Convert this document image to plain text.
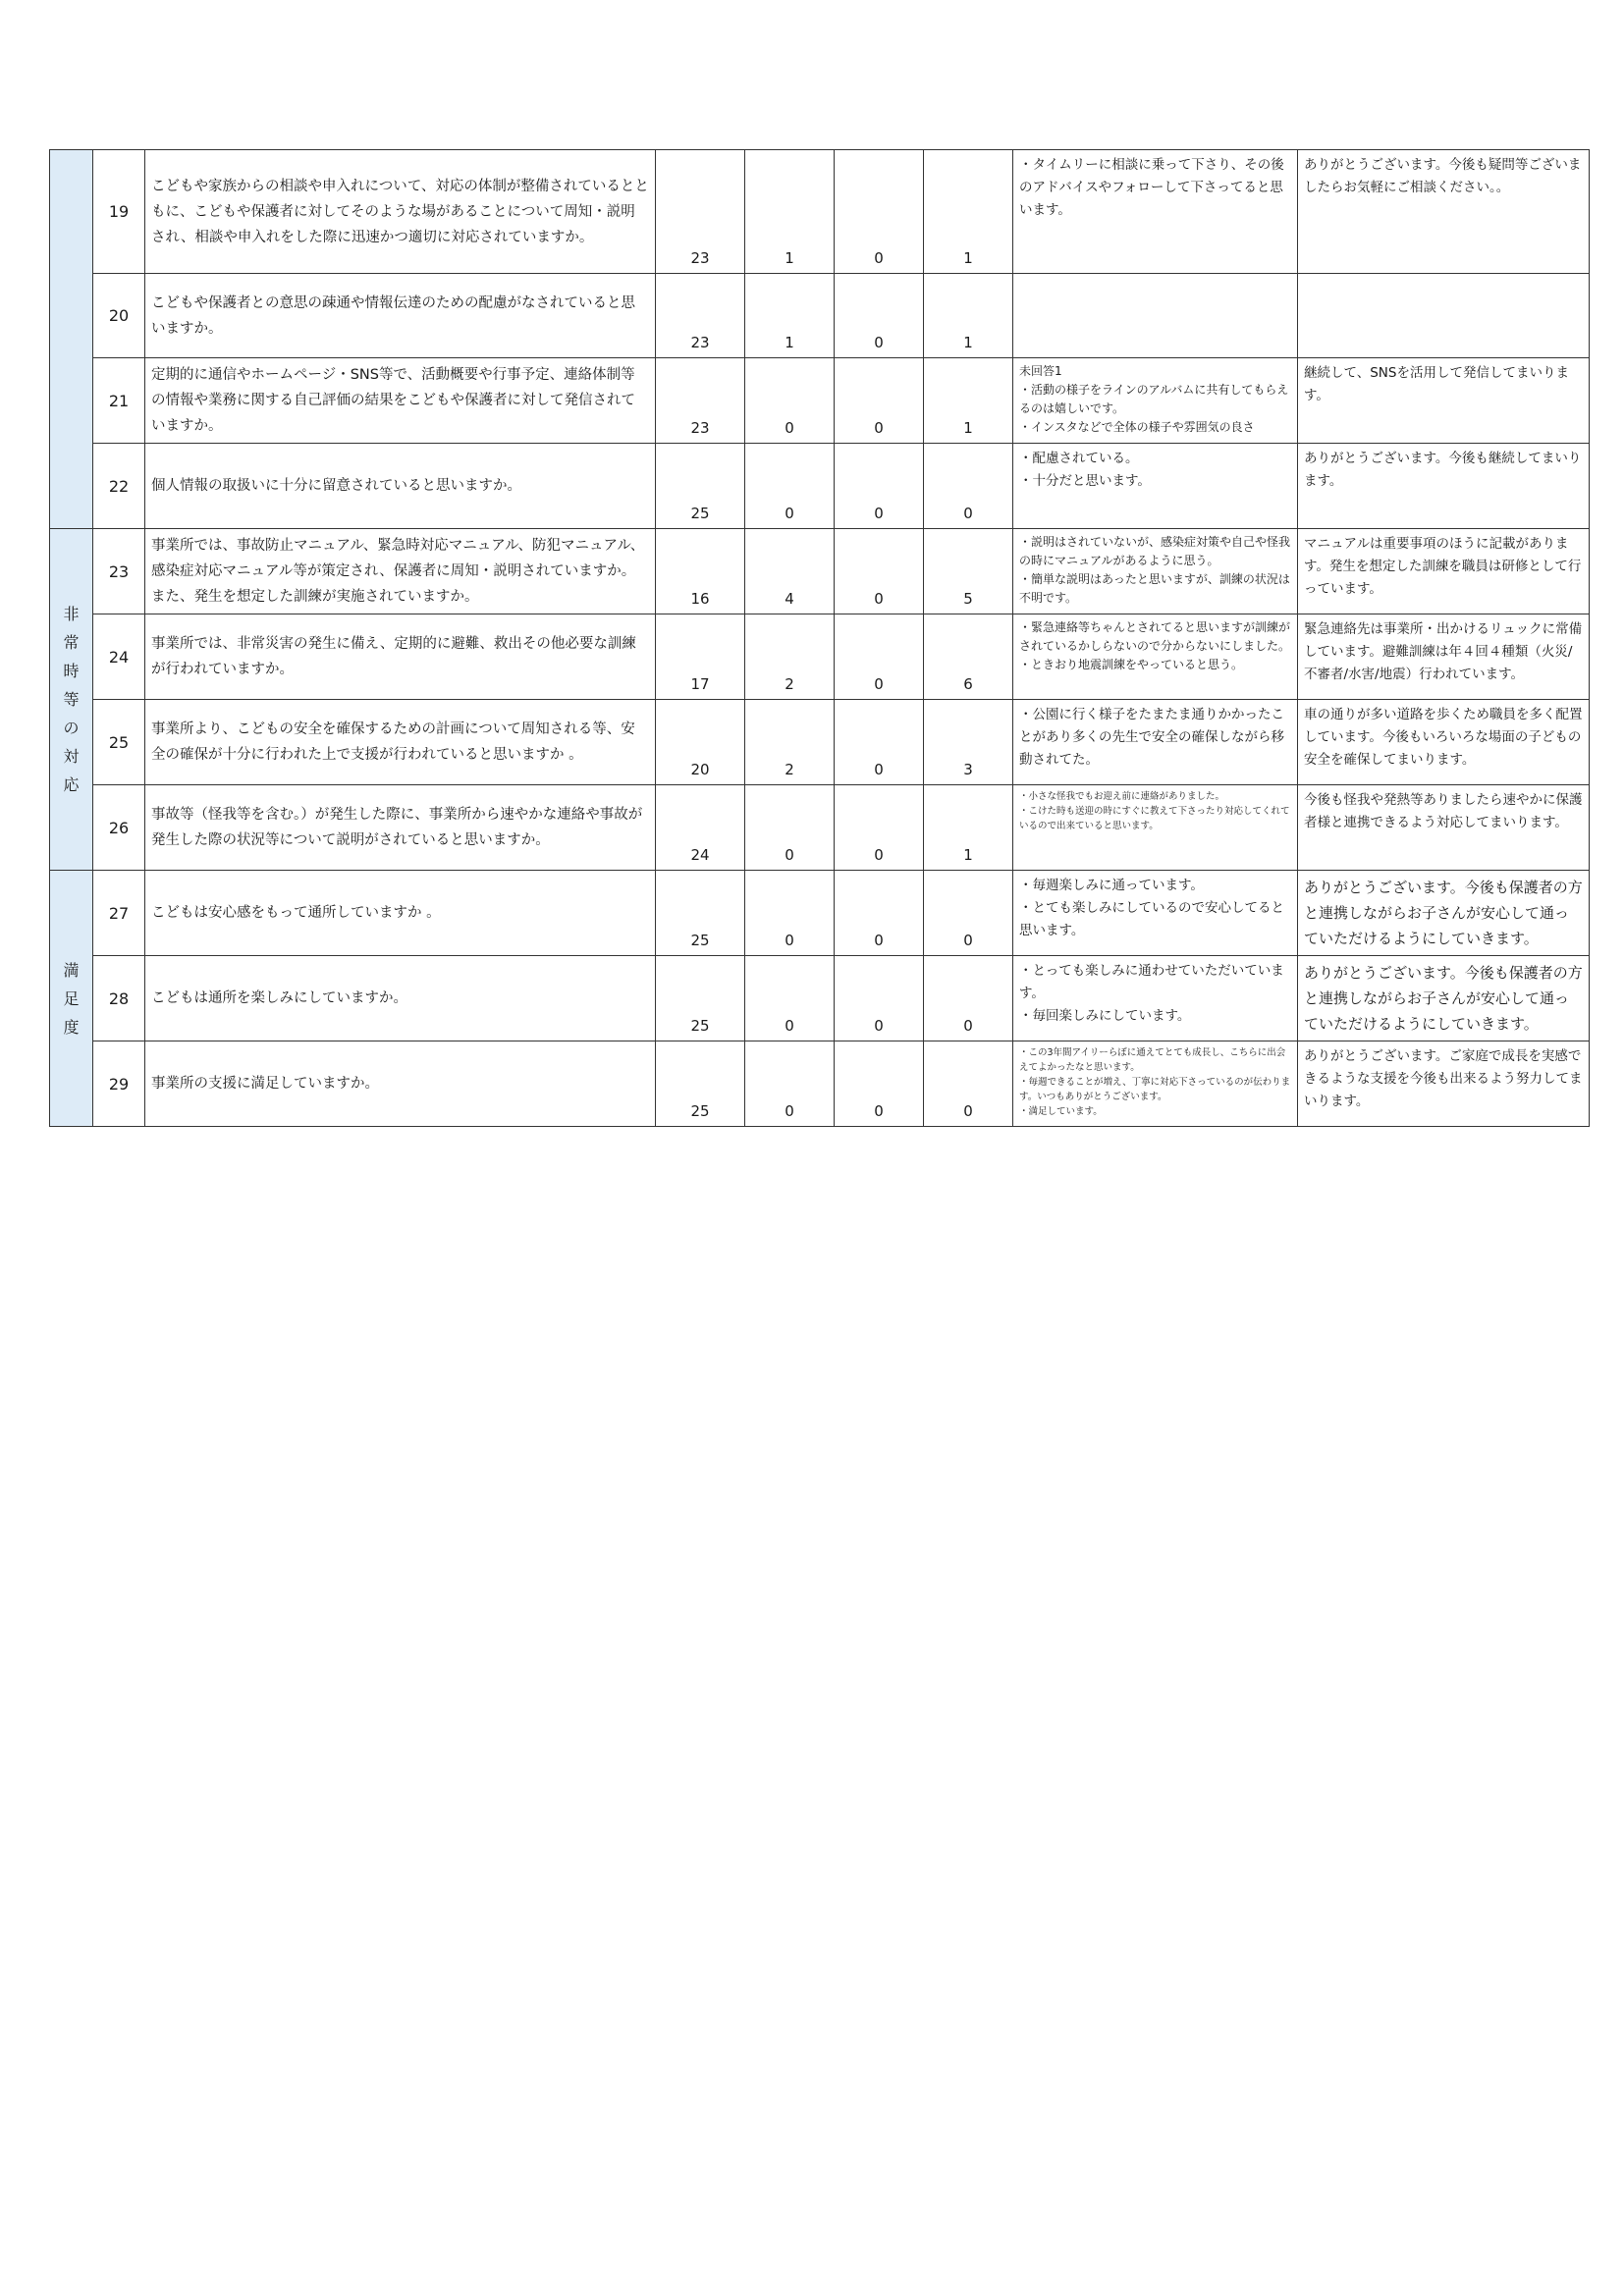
	19	こどもや家族からの相談や申入れについて、対応の体制が整備されているとともに、こどもや保護者に対してそのような場があることについて周知・説明され、相談や申入れをした際に迅速かつ適切に対応されていますか。	23	1	0	1	・タイムリーに相談に乗って下さり、その後のアドバイスやフォローして下さってると思います。	ありがとうございます。今後も疑問等ございましたらお気軽にご相談ください。。

	20	こどもや保護者との意思の疎通や情報伝達のための配慮がなされていると思いますか。	23	1	0	1		

	21	定期的に通信やホームページ・SNS等で、活動概要や行事予定、連絡体制等の情報や業務に関する自己評価の結果をこどもや保護者に対して発信されていますか。	23	0	0	1	未回答1
・活動の様子をラインのアルバムに共有してもらえるのは嬉しいです。
・インスタなどで全体の様子や雰囲気の良さ	継続して、SNSを活用して発信してまいります。

	22	個人情報の取扱いに十分に留意されていると思いますか。	25	0	0	0	・配慮されている。
・十分だと思います。	ありがとうございます。今後も継続してまいります。

非常時等の対応	23	事業所では、事故防止マニュアル、緊急時対応マニュアル、防犯マニュアル、感染症対応マニュアル等が策定され、保護者に周知・説明されていますか。また、発生を想定した訓練が実施されていますか。	16	4	0	5	・説明はされていないが、感染症対策や自己や怪我の時にマニュアルがあるように思う。
・簡単な説明はあったと思いますが、訓練の状況は不明です。	マニュアルは重要事項のほうに記載があります。発生を想定した訓練を職員は研修として行っています。

	24	事業所では、非常災害の発生に備え、定期的に避難、救出その他必要な訓練が行われていますか。	17	2	0	6	・緊急連絡等ちゃんとされてると思いますが訓練がされているかしらないので分からないにしました。
・ときおり地震訓練をやっていると思う。	緊急連絡先は事業所・出かけるリュックに常備しています。避難訓練は年４回４種類（火災/不審者/水害/地震）行われています。

	25	事業所より、こどもの安全を確保するための計画について周知される等、安全の確保が十分に行われた上で支援が行われていると思いますか 。	20	2	0	3	・公園に行く様子をたまたま通りかかったことがあり多くの先生で安全の確保しながら移動されてた。	車の通りが多い道路を歩くため職員を多く配置しています。今後もいろいろな場面の子どもの安全を確保してまいります。

	26	事故等（怪我等を含む。）が発生した際に、事業所から速やかな連絡や事故が発生した際の状況等について説明がされていると思いますか。	24	0	0	1	・小さな怪我でもお迎え前に連絡がありました。
・こけた時も送迎の時にすぐに教えて下さったり対応してくれているので出来ていると思います。	今後も怪我や発熱等ありましたら速やかに保護者様と連携できるよう対応してまいります。

満足度	27	こどもは安心感をもって通所していますか 。	25	0	0	0	・毎週楽しみに通っています。
・とても楽しみにしているので安心してると思います。	ありがとうございます。今後も保護者の方と連携しながらお子さんが安心して通っていただけるようにしていきます。

	28	こどもは通所を楽しみにしていますか。	25	0	0	0	・とっても楽しみに通わせていただいています。
・毎回楽しみにしています。	ありがとうございます。今後も保護者の方と連携しながらお子さんが安心して通っていただけるようにしていきます。

	29	事業所の支援に満足していますか。	25	0	0	0	・この3年間アイリーらぼに通えてとても成長し、こちらに出会えてよかったなと思います。
・毎週できることが増え、丁寧に対応下さっているのが伝わります。いつもありがとうございます。
・満足しています。	ありがとうございます。ご家庭で成長を実感できるような支援を今後も出来るよう努力してまいります。
